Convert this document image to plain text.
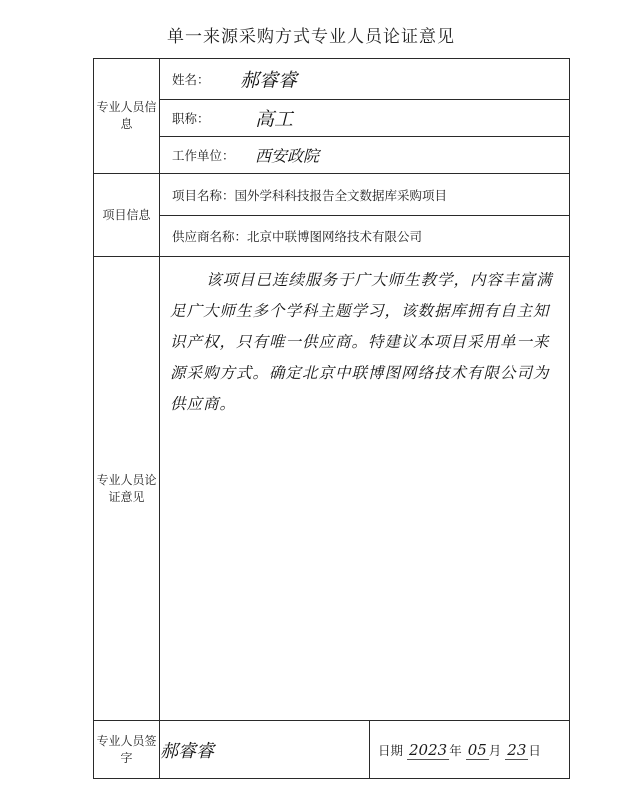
单一来源采购方式专业人员论证意见
专业人员信息	姓名： 郝睿睿	

	职称： 高工	

	工作单位： 西安政院	

项目信息	项目名称：国外学科科技报告全文数据库采购项目	

	供应商名称：北京中联博图网络技术有限公司	

专业人员论证意见	该项目已连续服务于广大师生教学，内容丰富满足广大师生多个学科主题学习，该数据库拥有自主知识产权，只有唯一供应商。特建议本项目采用单一来源采购方式。确定北京中联博图网络技术有限公司为供应商。	

专业人员签字	郝睿睿	日期 2023 年 05 月 23 日
